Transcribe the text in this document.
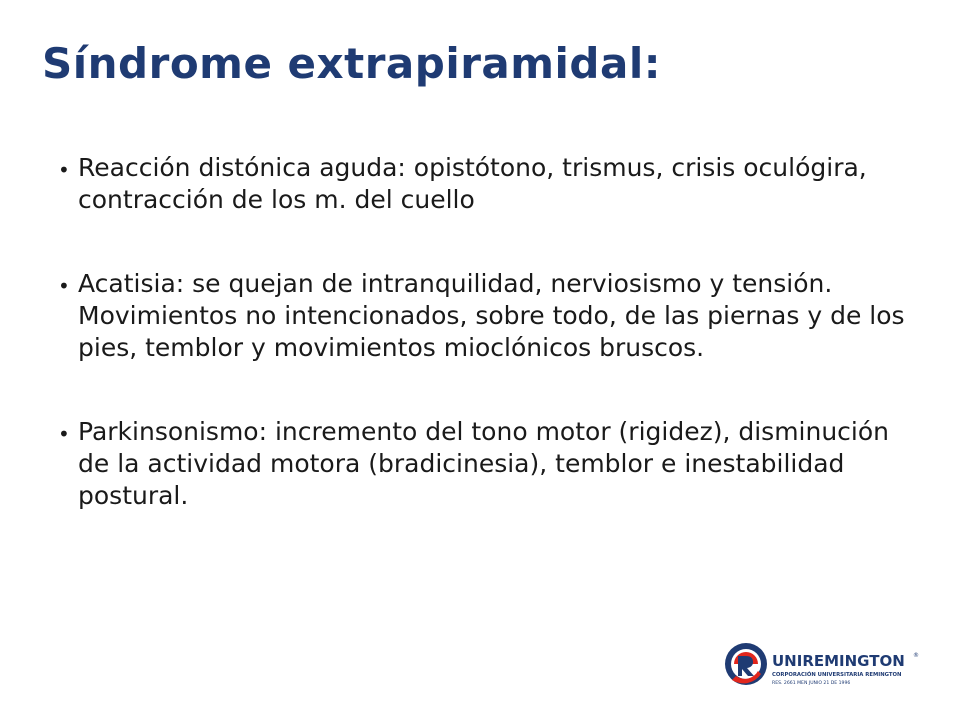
Síndrome extrapiramidal:
• Reacción distónica aguda: opistótono, trismus, crisis oculógira, contracción de los m. del cuello
• Acatisia: se quejan de intranquilidad, nerviosismo y tensión. Movimientos no intencionados, sobre todo, de las piernas y de los pies, temblor y movimientos mioclónicos bruscos.
• Parkinsonismo: incremento del tono motor (rigidez), disminución de la actividad motora (bradicinesia), temblor e inestabilidad postural.
UNIREMINGTON ®
CORPORACIÓN UNIVERSITARIA REMINGTON
RES. 2661 MEN JUNIO 21 DE 1996
